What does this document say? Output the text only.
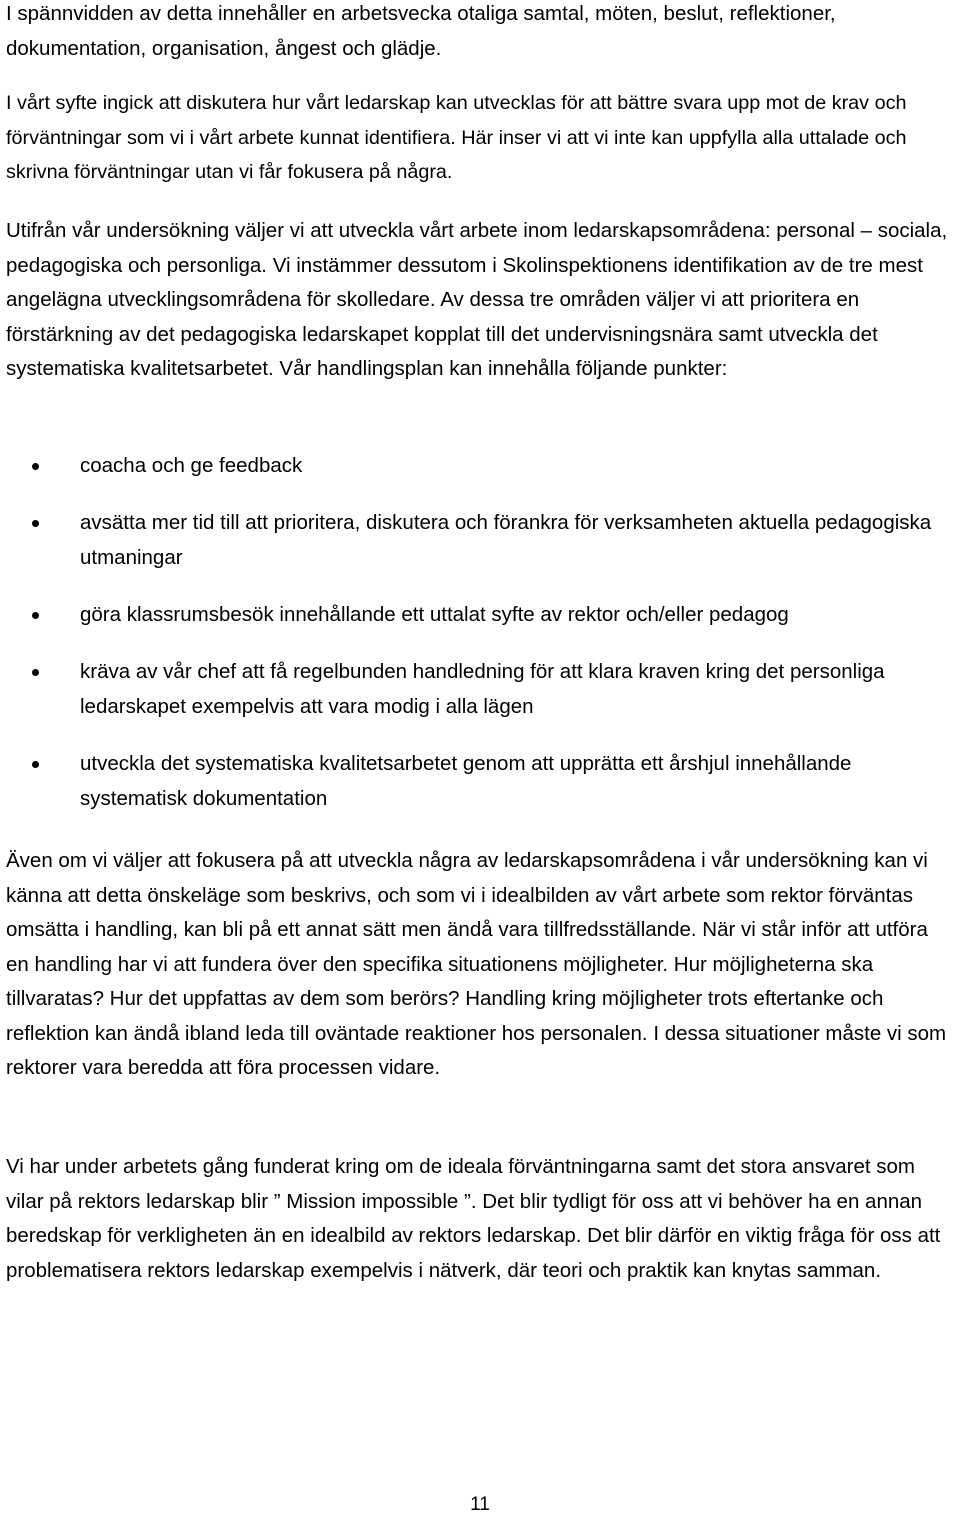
I spännvidden av detta innehåller en arbetsvecka otaliga samtal, möten, beslut, reflektioner, dokumentation, organisation, ångest och glädje.

I vårt syfte ingick att diskutera hur vårt ledarskap kan utvecklas för att bättre svara upp mot de krav och förväntningar som vi i vårt arbete kunnat identifiera. Här inser vi att vi inte kan uppfylla alla uttalade och skrivna förväntningar utan vi får fokusera på några.

Utifrån vår undersökning väljer vi att utveckla vårt arbete inom ledarskapsområdena: personal – sociala, pedagogiska och personliga. Vi instämmer dessutom i Skolinspektionens identifikation av de tre mest angelägna utvecklingsområdena för skolledare. Av dessa tre områden väljer vi att prioritera en förstärkning av det pedagogiska ledarskapet kopplat till det undervisningsnära samt utveckla det systematiska kvalitetsarbetet. Vår handlingsplan kan innehålla följande punkter:

coacha och ge feedback
avsätta mer tid till att prioritera, diskutera och förankra för verksamheten aktuella pedagogiska utmaningar
göra klassrumsbesök innehållande ett uttalat syfte av rektor och/eller pedagog
kräva av vår chef att få regelbunden handledning för att klara kraven kring det personliga ledarskapet exempelvis att vara modig i alla lägen
utveckla det systematiska kvalitetsarbetet genom att upprätta ett årshjul innehållande systematisk dokumentation

Även om vi väljer att fokusera på att utveckla några av ledarskapsområdena i vår undersökning kan vi känna att detta önskeläge som beskrivs, och som vi i idealbilden av vårt arbete som rektor förväntas omsätta i handling, kan bli på ett annat sätt men ändå vara tillfredsställande. När vi står inför att utföra en handling har vi att fundera över den specifika situationens möjligheter. Hur möjligheterna ska tillvaratas? Hur det uppfattas av dem som berörs? Handling kring möjligheter trots eftertanke och reflektion kan ändå ibland leda till oväntade reaktioner hos personalen. I dessa situationer måste vi som rektorer vara beredda att föra processen vidare.

Vi har under arbetets gång funderat kring om de ideala förväntningarna samt det stora ansvaret som vilar på rektors ledarskap blir ” Mission impossible ”. Det blir tydligt för oss att vi behöver ha en annan beredskap för verkligheten än en idealbild av rektors ledarskap. Det blir därför en viktig fråga för oss att problematisera rektors ledarskap exempelvis i nätverk, där teori och praktik kan knytas samman.

11
